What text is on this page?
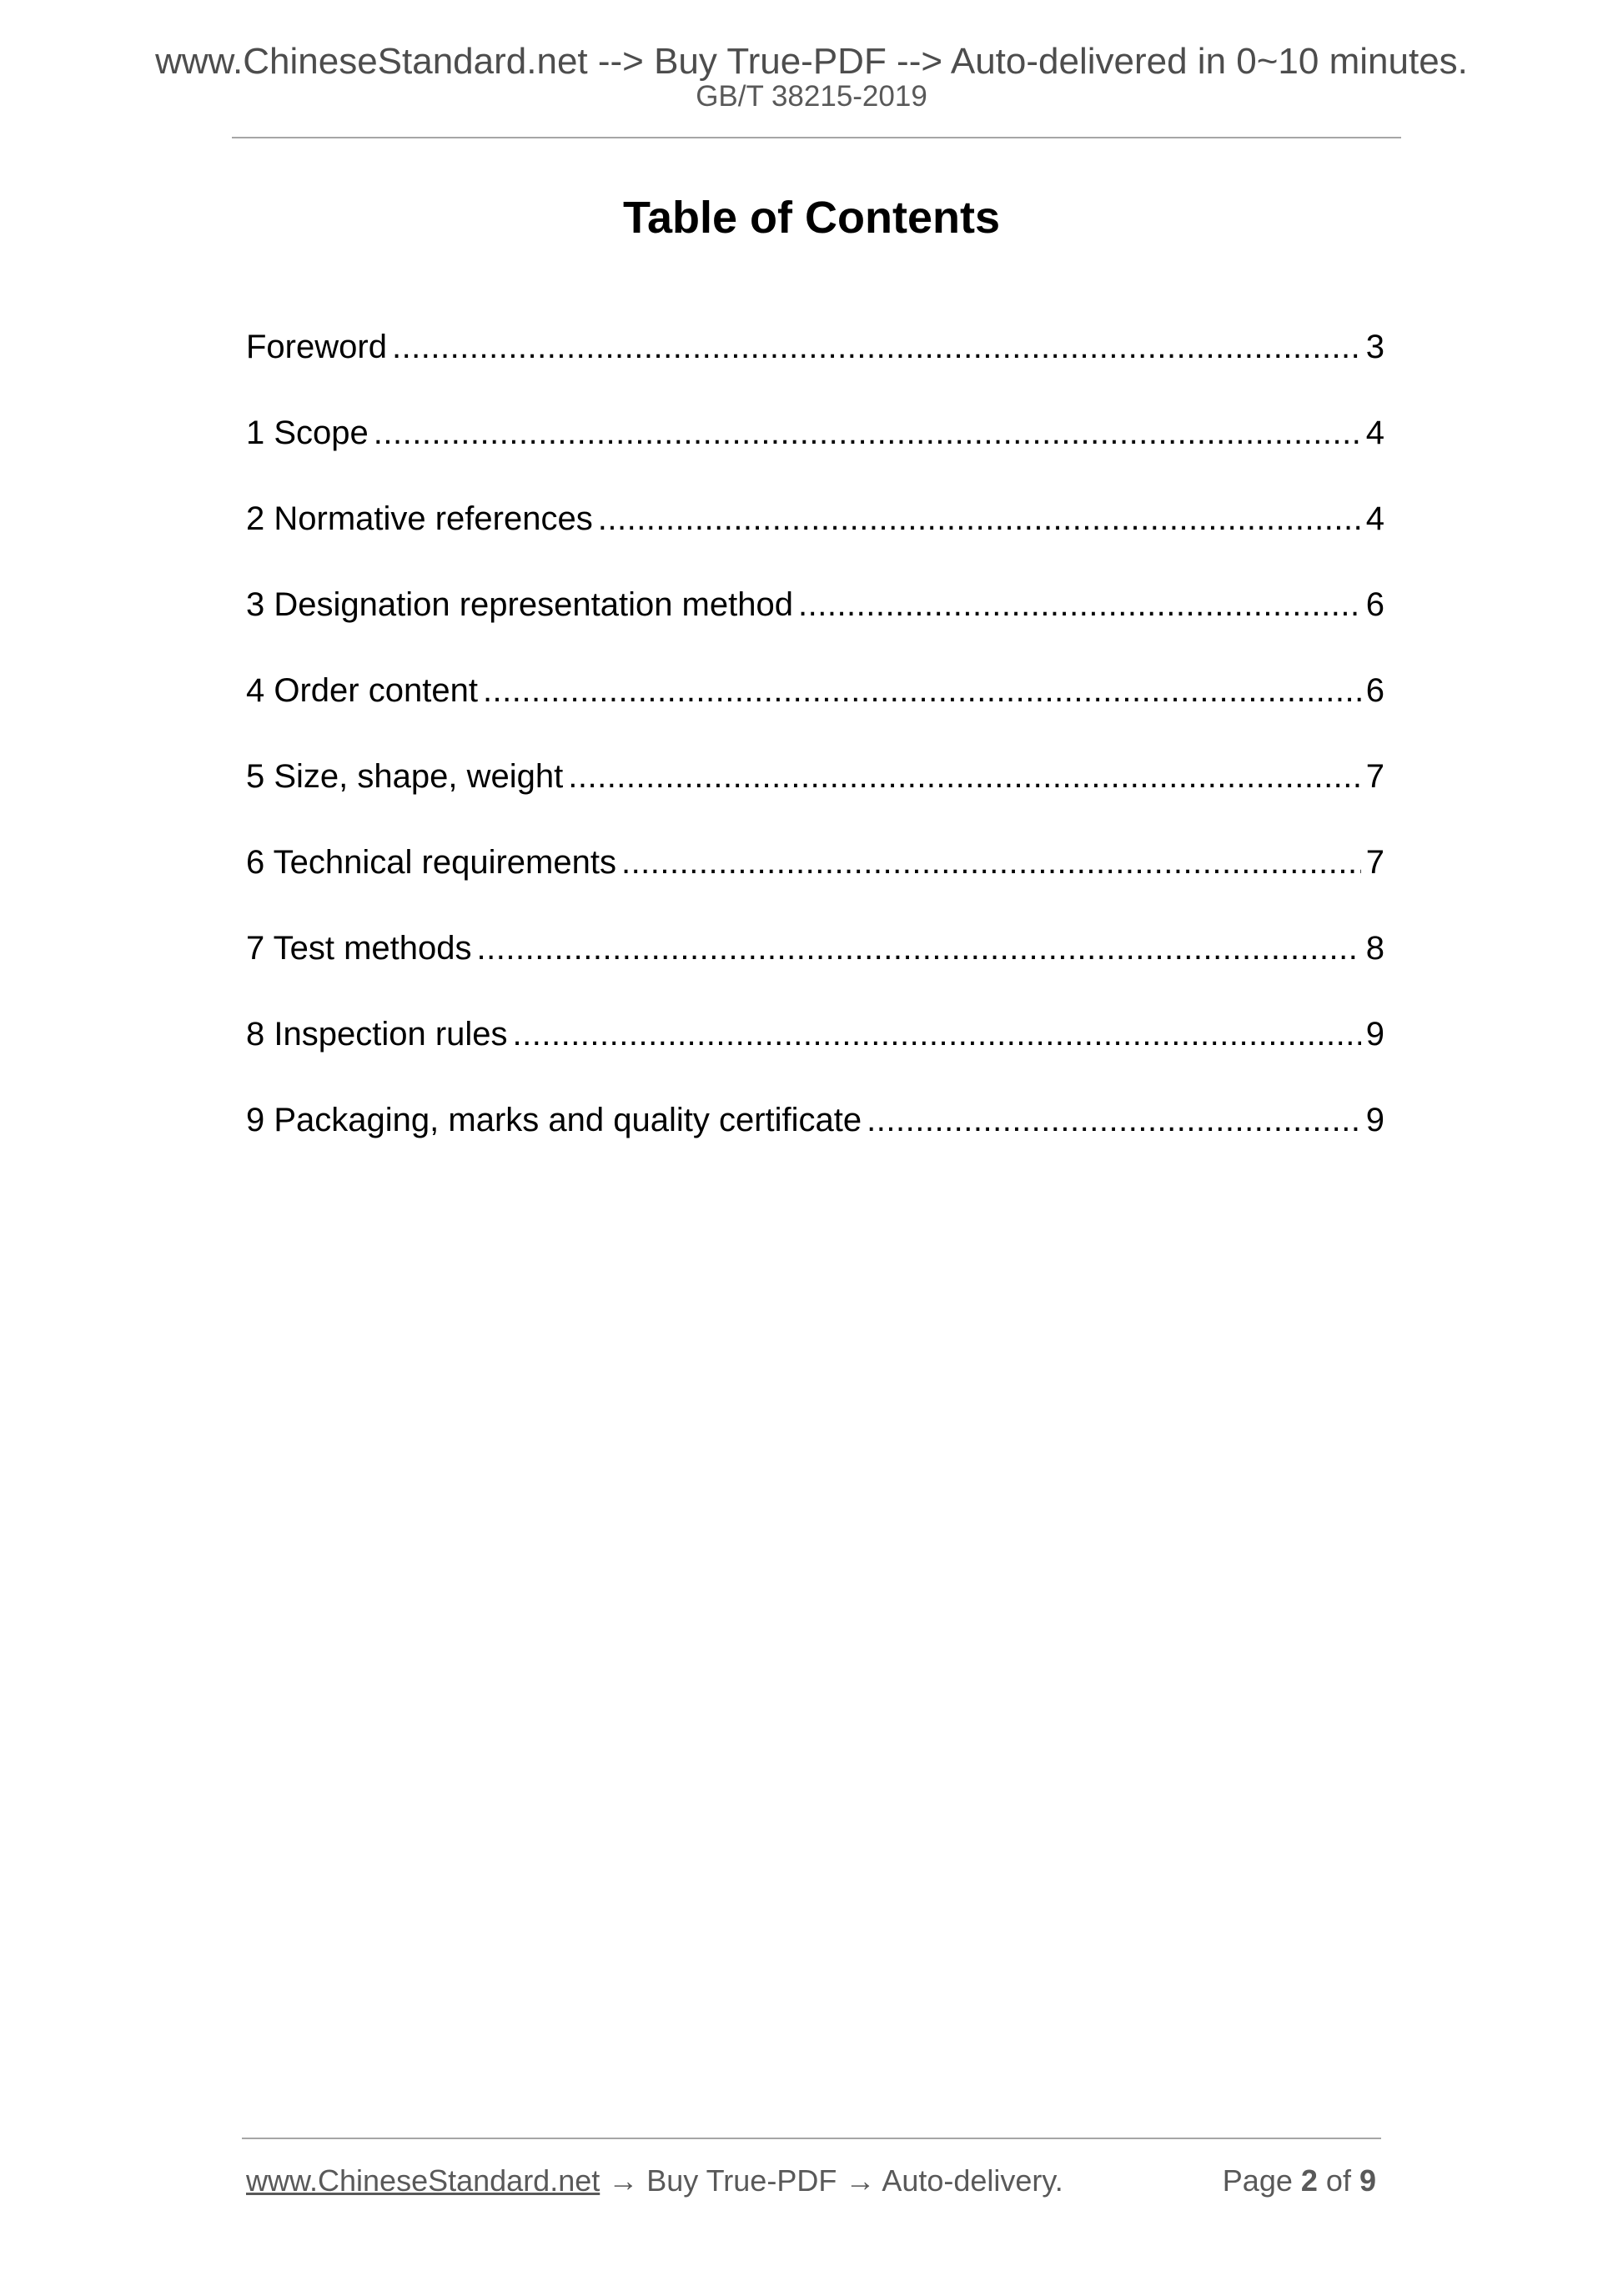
www.ChineseStandard.net --> Buy True-PDF --> Auto-delivered in 0~10 minutes.
GB/T 38215-2019
Table of Contents
Foreword .....	3
1 Scope .....	4
2 Normative references .....	4
3 Designation representation method .....	6
4 Order content .....	6
5 Size, shape, weight .....	7
6 Technical requirements .....	7
7 Test methods .....	8
8 Inspection rules .....	9
9 Packaging, marks and quality certificate .....	9
www.ChineseStandard.net → Buy True-PDF → Auto-delivery.	Page 2 of 9
